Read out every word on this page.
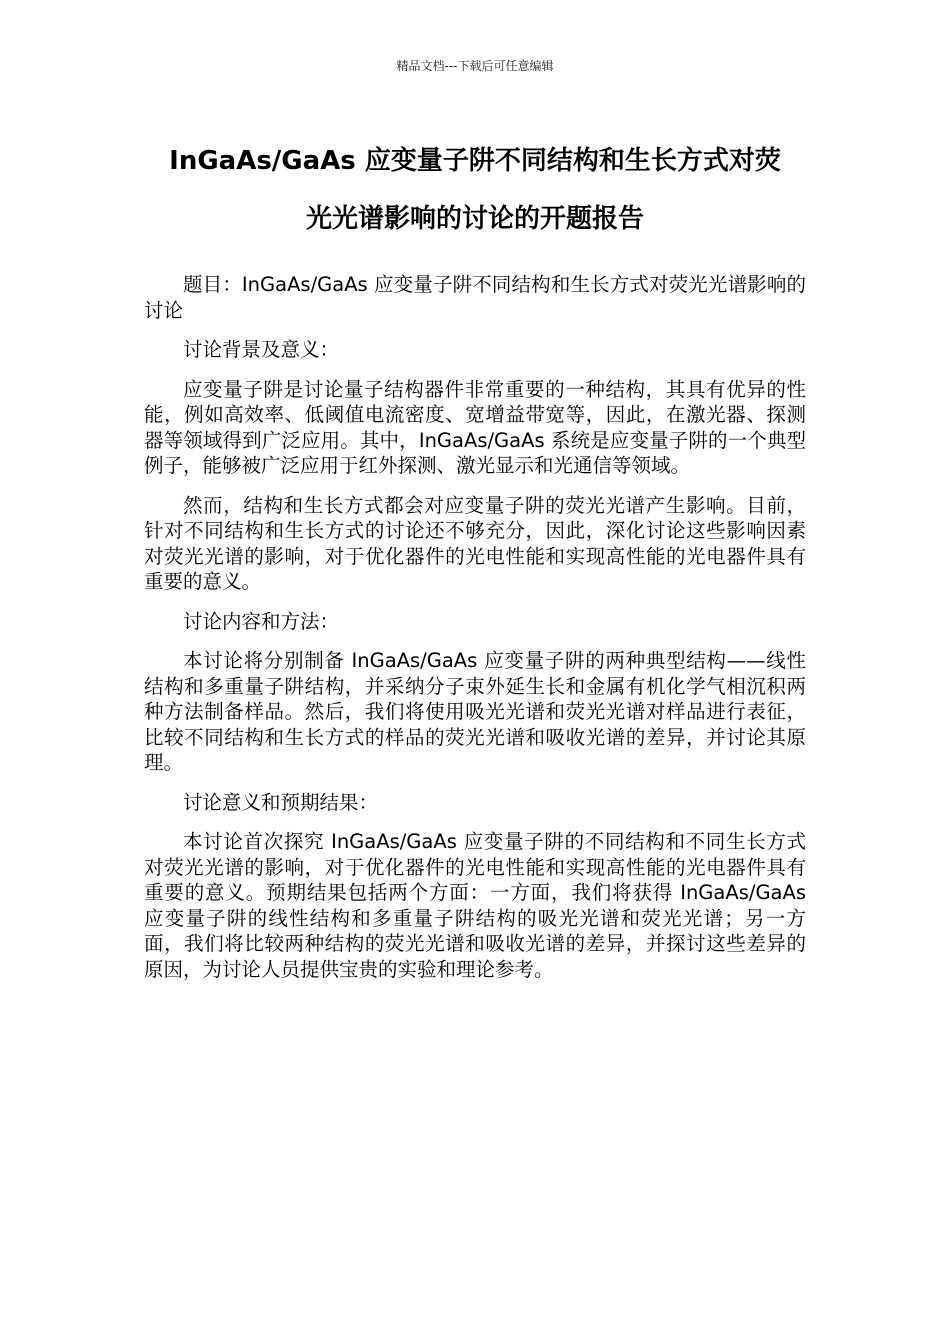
精品文档---下载后可任意编辑
InGaAs/GaAs 应变量子阱不同结构和生长方式对荧
光光谱影响的讨论的开题报告

题目：InGaAs/GaAs 应变量子阱不同结构和生长方式对荧光光谱影响的讨论

讨论背景及意义：

应变量子阱是讨论量子结构器件非常重要的一种结构，其具有优异的性能，例如高效率、低阈值电流密度、宽增益带宽等，因此，在激光器、探测器等领域得到广泛应用。其中，InGaAs/GaAs 系统是应变量子阱的一个典型例子，能够被广泛应用于红外探测、激光显示和光通信等领域。

然而，结构和生长方式都会对应变量子阱的荧光光谱产生影响。目前，针对不同结构和生长方式的讨论还不够充分，因此，深化讨论这些影响因素对荧光光谱的影响，对于优化器件的光电性能和实现高性能的光电器件具有重要的意义。

讨论内容和方法：

本讨论将分别制备 InGaAs/GaAs 应变量子阱的两种典型结构——线性结构和多重量子阱结构，并采纳分子束外延生长和金属有机化学气相沉积两种方法制备样品。然后，我们将使用吸光光谱和荧光光谱对样品进行表征，比较不同结构和生长方式的样品的荧光光谱和吸收光谱的差异，并讨论其原理。

讨论意义和预期结果：

本讨论首次探究 InGaAs/GaAs 应变量子阱的不同结构和不同生长方式对荧光光谱的影响，对于优化器件的光电性能和实现高性能的光电器件具有重要的意义。预期结果包括两个方面：一方面，我们将获得 InGaAs/GaAs 应变量子阱的线性结构和多重量子阱结构的吸光光谱和荧光光谱；另一方面，我们将比较两种结构的荧光光谱和吸收光谱的差异，并探讨这些差异的原因，为讨论人员提供宝贵的实验和理论参考。
